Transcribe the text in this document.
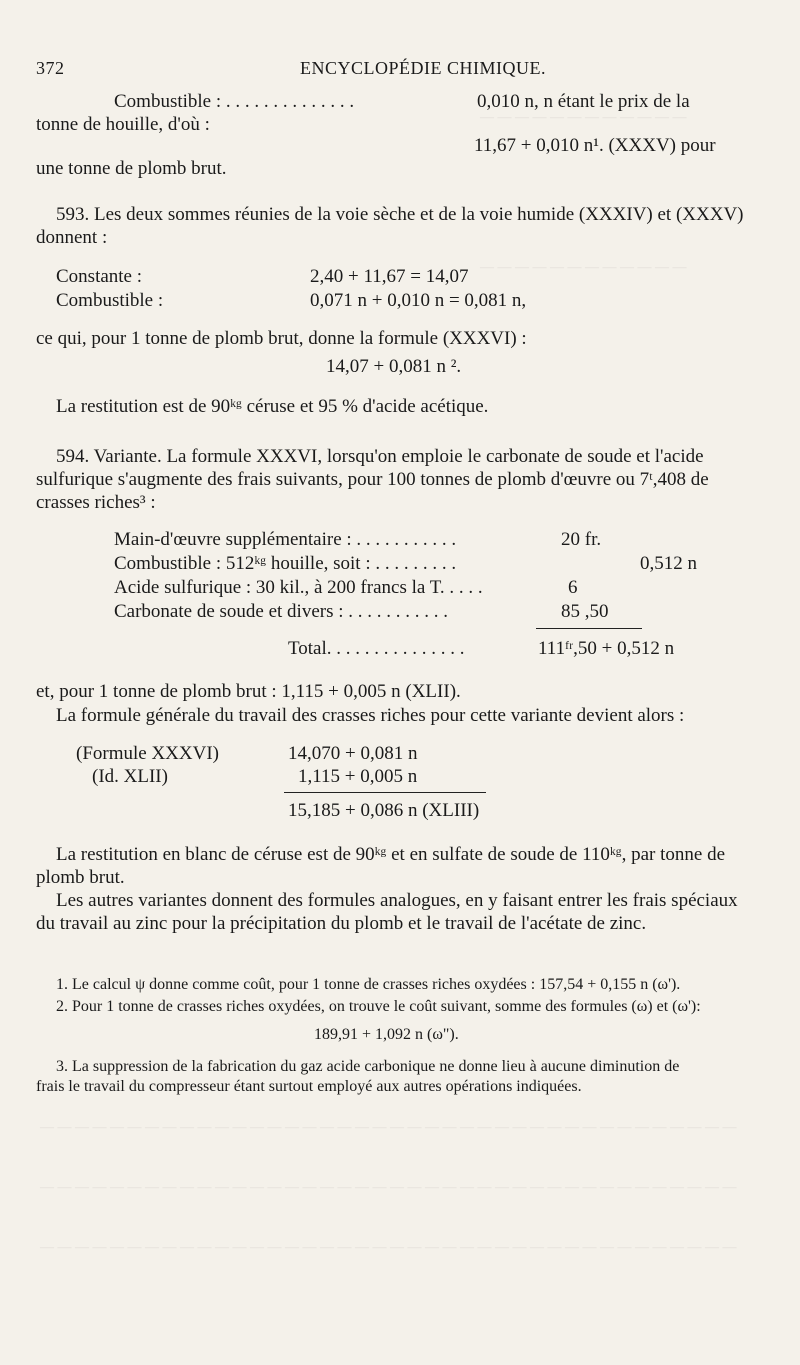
— — — — — — — — — — — —
— — — — — — — — — — — —
— — — — — — — — — — — — — — — — — — — — — — — — — — — — — — — — — — — — — — — —
— — — — — — — — — — — — — — — — — — — — — — — — — — — — — — — — — — — — — — — —
— — — — — — — — — — — — — — — — — — — — — — — — — — — — — — — — — — — — — — — —
372	ENCYCLOPÉDIE CHIMIQUE.
Combustible : . . . . . . . . . . . . . .	0,010 n, n étant le prix de la
tonne de houille, d'où :
11,67 + 0,010 n¹. (XXXV) pour
une tonne de plomb brut.
593. Les deux sommes réunies de la voie sèche et de la voie humide (XXXIV) et (XXXV)
donnent :
Constante :	2,40 + 11,67 = 14,07
Combustible :	0,071 n + 0,010 n = 0,081 n,
ce qui, pour 1 tonne de plomb brut, donne la formule (XXXVI) :
14,07 + 0,081 n ².
La restitution est de 90ᵏᵍ céruse et 95 % d'acide acétique.
594. Variante. La formule XXXVI, lorsqu'on emploie le carbonate de soude et l'acide
sulfurique s'augmente des frais suivants, pour 100 tonnes de plomb d'œuvre ou 7ᵗ,408 de
crasses riches³ :
Main-d'œuvre supplémentaire : . . . . . . . . . . .	20 fr.
Combustible : 512ᵏᵍ houille, soit : . . . . . . . . .	0,512 n
Acide sulfurique : 30 kil., à 200 francs la T. . . . .	6
Carbonate de soude et divers : . . . . . . . . . . .	85 ,50
Total. . . . . . . . . . . . . . .	111ᶠʳ,50 + 0,512 n
et, pour 1 tonne de plomb brut : 1,115 + 0,005 n (XLII).
La formule générale du travail des crasses riches pour cette variante devient alors :
(Formule XXXVI)	14,070 + 0,081 n
(Id. XLII)	1,115 + 0,005 n
15,185 + 0,086 n (XLIII)
La restitution en blanc de céruse est de 90ᵏᵍ et en sulfate de soude de 110ᵏᵍ, par tonne de
plomb brut.
Les autres variantes donnent des formules analogues, en y faisant entrer les frais spéciaux
du travail au zinc pour la précipitation du plomb et le travail de l'acétate de zinc.
1. Le calcul ψ donne comme coût, pour 1 tonne de crasses riches oxydées : 157,54 + 0,155 n (ω').
2. Pour 1 tonne de crasses riches oxydées, on trouve le coût suivant, somme des formules (ω) et (ω'):
189,91 + 1,092 n (ω").
3. La suppression de la fabrication du gaz acide carbonique ne donne lieu à aucune diminution de
frais le travail du compresseur étant surtout employé aux autres opérations indiquées.
